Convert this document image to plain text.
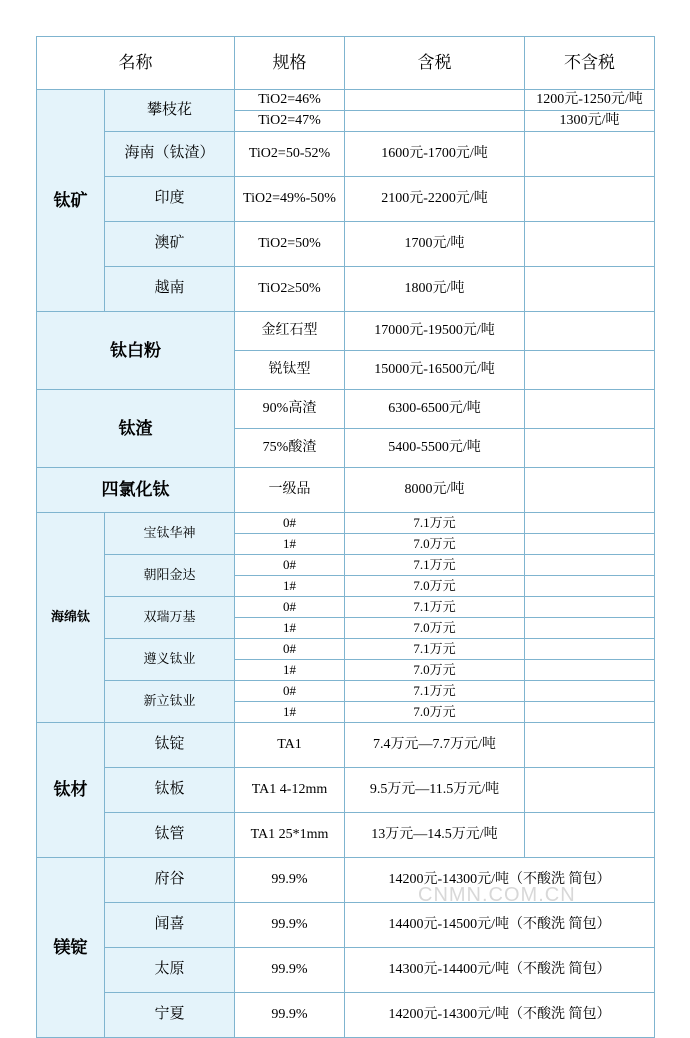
名称		规格	含税	不含税
钛矿	攀枝花	TiO2=46%		1200元-1250元/吨
		TiO2=47%		1300元/吨
	海南（钛渣）	TiO2=50-52%	1600元-1700元/吨	
	印度	TiO2=49%-50%	2100元-2200元/吨	
	澳矿	TiO2=50%	1700元/吨	
	越南	TiO2≥50%	1800元/吨	
钛白粉		金红石型	17000元-19500元/吨	
		锐钛型	15000元-16500元/吨	
钛渣		90%高渣	6300-6500元/吨	
		75%酸渣	5400-5500元/吨	
四氯化钛		一级品	8000元/吨	
海绵钛	宝钛华神	0#	7.1万元	
		1#	7.0万元	
	朝阳金达	0#	7.1万元	
		1#	7.0万元	
	双瑞万基	0#	7.1万元	
		1#	7.0万元	
	遵义钛业	0#	7.1万元	
		1#	7.0万元	
	新立钛业	0#	7.1万元	
		1#	7.0万元	
钛材	钛锭	TA1	7.4万元—7.7万元/吨	
	钛板	TA1 4-12mm	9.5万元—11.5万元/吨	
	钛管	TA1 25*1mm	13万元—14.5万元/吨	
镁锭	府谷	99.9%	14200元-14300元/吨（不酸洗 简包）	
	闻喜	99.9%	14400元-14500元/吨（不酸洗 简包）	
	太原	99.9%	14300元-14400元/吨（不酸洗 简包）	
	宁夏	99.9%	14200元-14300元/吨（不酸洗 简包）	
CNMN.COM.CN
